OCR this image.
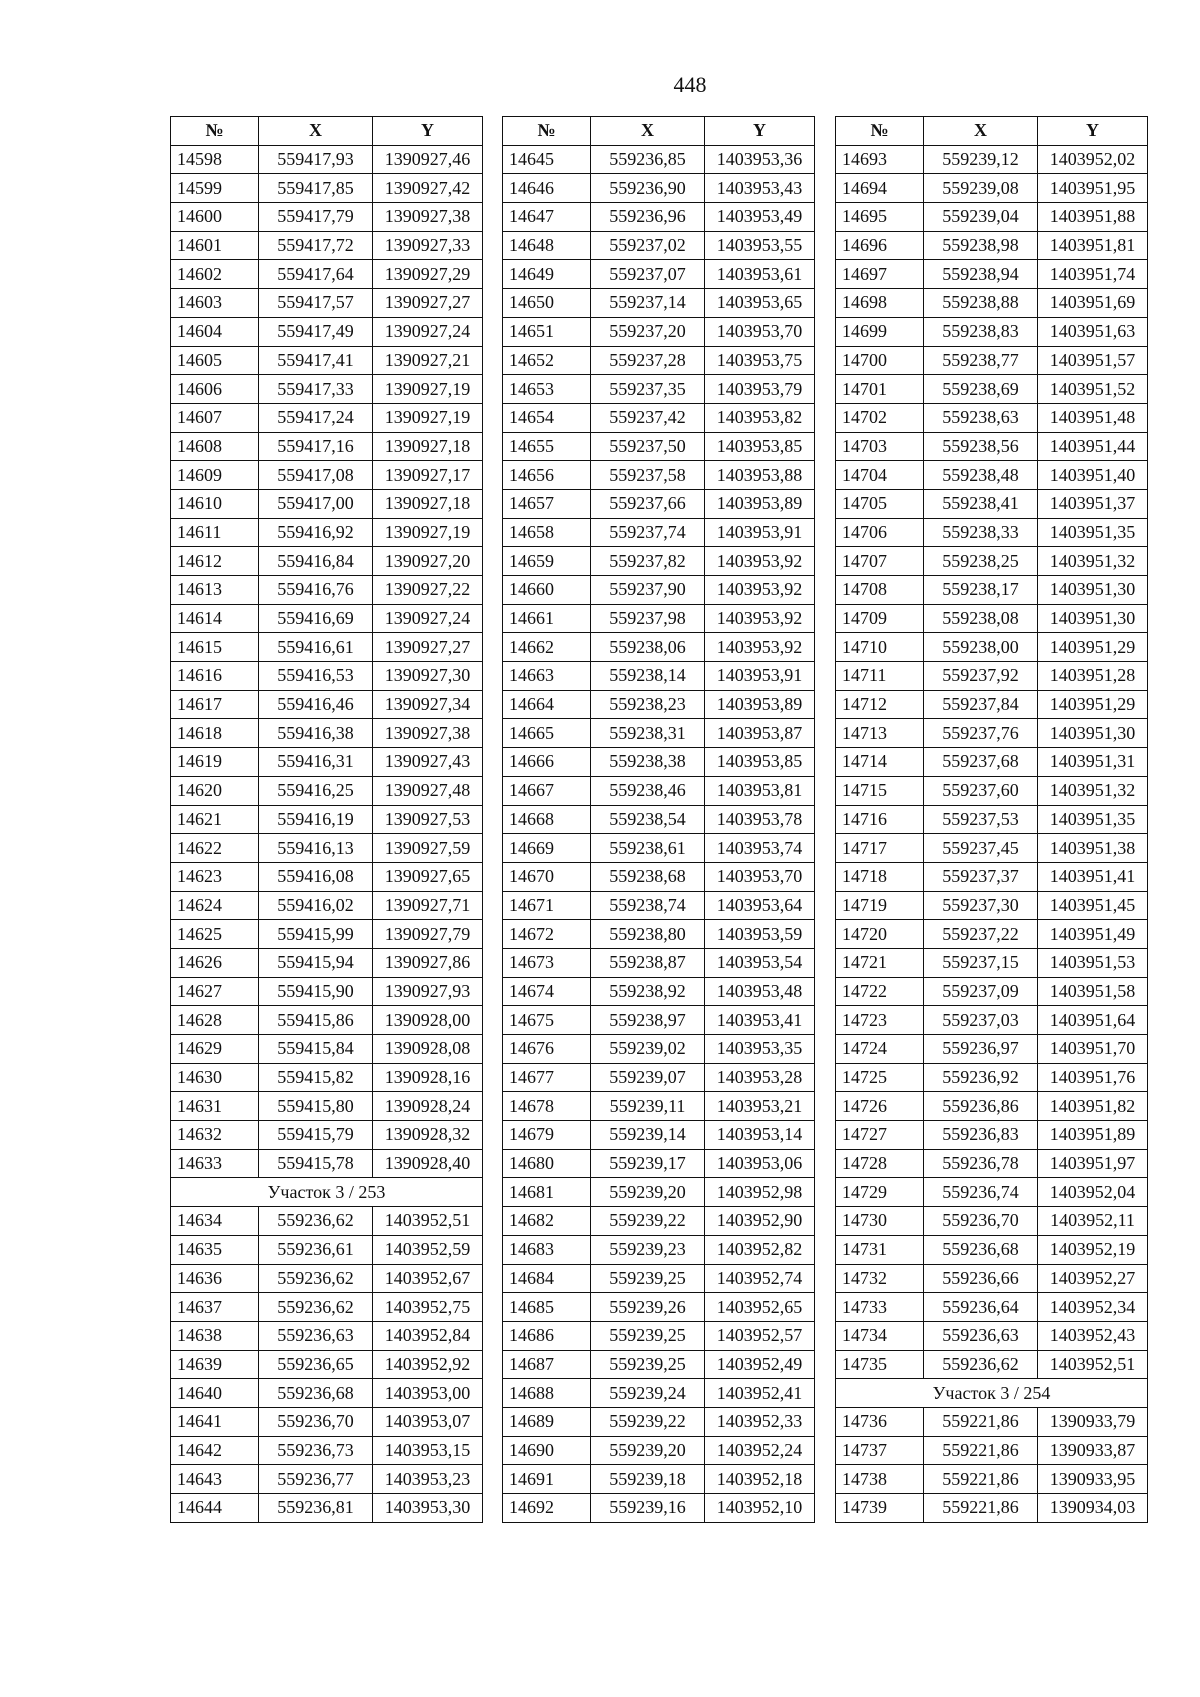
448
№	X	Y
14598	559417,93	1390927,46
14599	559417,85	1390927,42
14600	559417,79	1390927,38
14601	559417,72	1390927,33
14602	559417,64	1390927,29
14603	559417,57	1390927,27
14604	559417,49	1390927,24
14605	559417,41	1390927,21
14606	559417,33	1390927,19
14607	559417,24	1390927,19
14608	559417,16	1390927,18
14609	559417,08	1390927,17
14610	559417,00	1390927,18
14611	559416,92	1390927,19
14612	559416,84	1390927,20
14613	559416,76	1390927,22
14614	559416,69	1390927,24
14615	559416,61	1390927,27
14616	559416,53	1390927,30
14617	559416,46	1390927,34
14618	559416,38	1390927,38
14619	559416,31	1390927,43
14620	559416,25	1390927,48
14621	559416,19	1390927,53
14622	559416,13	1390927,59
14623	559416,08	1390927,65
14624	559416,02	1390927,71
14625	559415,99	1390927,79
14626	559415,94	1390927,86
14627	559415,90	1390927,93
14628	559415,86	1390928,00
14629	559415,84	1390928,08
14630	559415,82	1390928,16
14631	559415,80	1390928,24
14632	559415,79	1390928,32
14633	559415,78	1390928,40
Участок 3 / 253		
14634	559236,62	1403952,51
14635	559236,61	1403952,59
14636	559236,62	1403952,67
14637	559236,62	1403952,75
14638	559236,63	1403952,84
14639	559236,65	1403952,92
14640	559236,68	1403953,00
14641	559236,70	1403953,07
14642	559236,73	1403953,15
14643	559236,77	1403953,23
14644	559236,81	1403953,30
№	X	Y
14645	559236,85	1403953,36
14646	559236,90	1403953,43
14647	559236,96	1403953,49
14648	559237,02	1403953,55
14649	559237,07	1403953,61
14650	559237,14	1403953,65
14651	559237,20	1403953,70
14652	559237,28	1403953,75
14653	559237,35	1403953,79
14654	559237,42	1403953,82
14655	559237,50	1403953,85
14656	559237,58	1403953,88
14657	559237,66	1403953,89
14658	559237,74	1403953,91
14659	559237,82	1403953,92
14660	559237,90	1403953,92
14661	559237,98	1403953,92
14662	559238,06	1403953,92
14663	559238,14	1403953,91
14664	559238,23	1403953,89
14665	559238,31	1403953,87
14666	559238,38	1403953,85
14667	559238,46	1403953,81
14668	559238,54	1403953,78
14669	559238,61	1403953,74
14670	559238,68	1403953,70
14671	559238,74	1403953,64
14672	559238,80	1403953,59
14673	559238,87	1403953,54
14674	559238,92	1403953,48
14675	559238,97	1403953,41
14676	559239,02	1403953,35
14677	559239,07	1403953,28
14678	559239,11	1403953,21
14679	559239,14	1403953,14
14680	559239,17	1403953,06
14681	559239,20	1403952,98
14682	559239,22	1403952,90
14683	559239,23	1403952,82
14684	559239,25	1403952,74
14685	559239,26	1403952,65
14686	559239,25	1403952,57
14687	559239,25	1403952,49
14688	559239,24	1403952,41
14689	559239,22	1403952,33
14690	559239,20	1403952,24
14691	559239,18	1403952,18
14692	559239,16	1403952,10
№	X	Y
14693	559239,12	1403952,02
14694	559239,08	1403951,95
14695	559239,04	1403951,88
14696	559238,98	1403951,81
14697	559238,94	1403951,74
14698	559238,88	1403951,69
14699	559238,83	1403951,63
14700	559238,77	1403951,57
14701	559238,69	1403951,52
14702	559238,63	1403951,48
14703	559238,56	1403951,44
14704	559238,48	1403951,40
14705	559238,41	1403951,37
14706	559238,33	1403951,35
14707	559238,25	1403951,32
14708	559238,17	1403951,30
14709	559238,08	1403951,30
14710	559238,00	1403951,29
14711	559237,92	1403951,28
14712	559237,84	1403951,29
14713	559237,76	1403951,30
14714	559237,68	1403951,31
14715	559237,60	1403951,32
14716	559237,53	1403951,35
14717	559237,45	1403951,38
14718	559237,37	1403951,41
14719	559237,30	1403951,45
14720	559237,22	1403951,49
14721	559237,15	1403951,53
14722	559237,09	1403951,58
14723	559237,03	1403951,64
14724	559236,97	1403951,70
14725	559236,92	1403951,76
14726	559236,86	1403951,82
14727	559236,83	1403951,89
14728	559236,78	1403951,97
14729	559236,74	1403952,04
14730	559236,70	1403952,11
14731	559236,68	1403952,19
14732	559236,66	1403952,27
14733	559236,64	1403952,34
14734	559236,63	1403952,43
14735	559236,62	1403952,51
Участок 3 / 254		
14736	559221,86	1390933,79
14737	559221,86	1390933,87
14738	559221,86	1390933,95
14739	559221,86	1390934,03
